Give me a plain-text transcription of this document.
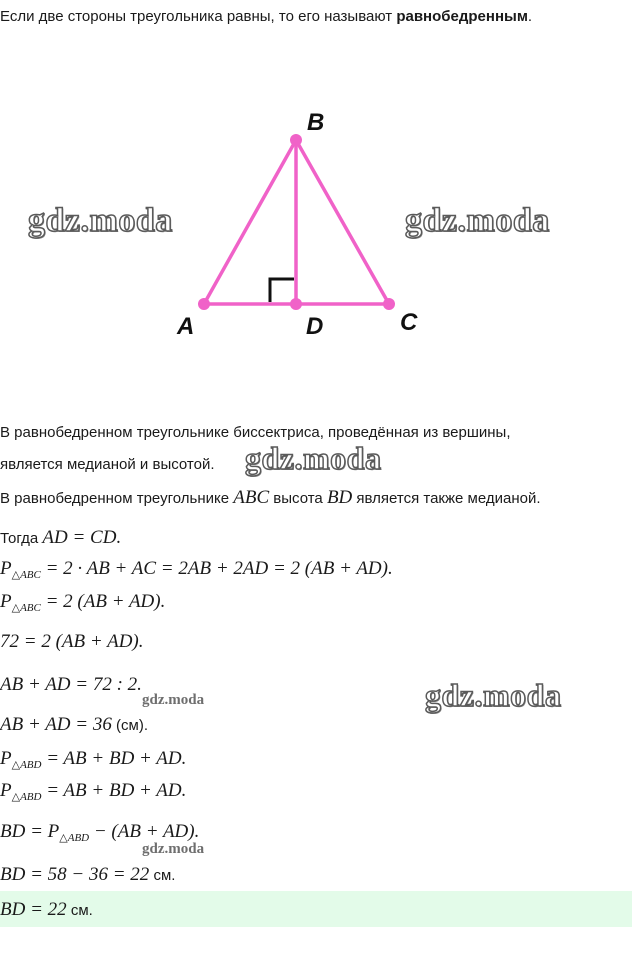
Если две стороны треугольника равны, то его называют равнобедренным.
B
A	D	C
gdz.moda	gdz.moda
gdz.moda
gdz.moda
В равнобедренном треугольнике биссектриса, проведённая из вершины,
является медианой и высотой.
В равнобедренном треугольнике ABC высота BD является также медианой.
Тогда AD = CD.
$P_{\triangle ABC} = 2$ · AB + AC = 2AB + 2AD = 2 (AB + AD).
$P_{\triangle ABC} = 2$ (AB + AD).
72 = 2 (AB + AD).
AB + AD = 72 : 2.
gdz.moda
AB + AD = 36 (см).
$P_{\triangle ABD}$ = AB + BD + AD.
$P_{\triangle ABD}$ = AB + BD + AD.
BD = $P_{\triangle ABD} - (AB + AD)$.
gdz.moda
BD = 58 − 36 = 22 см.
BD = 22 см.
